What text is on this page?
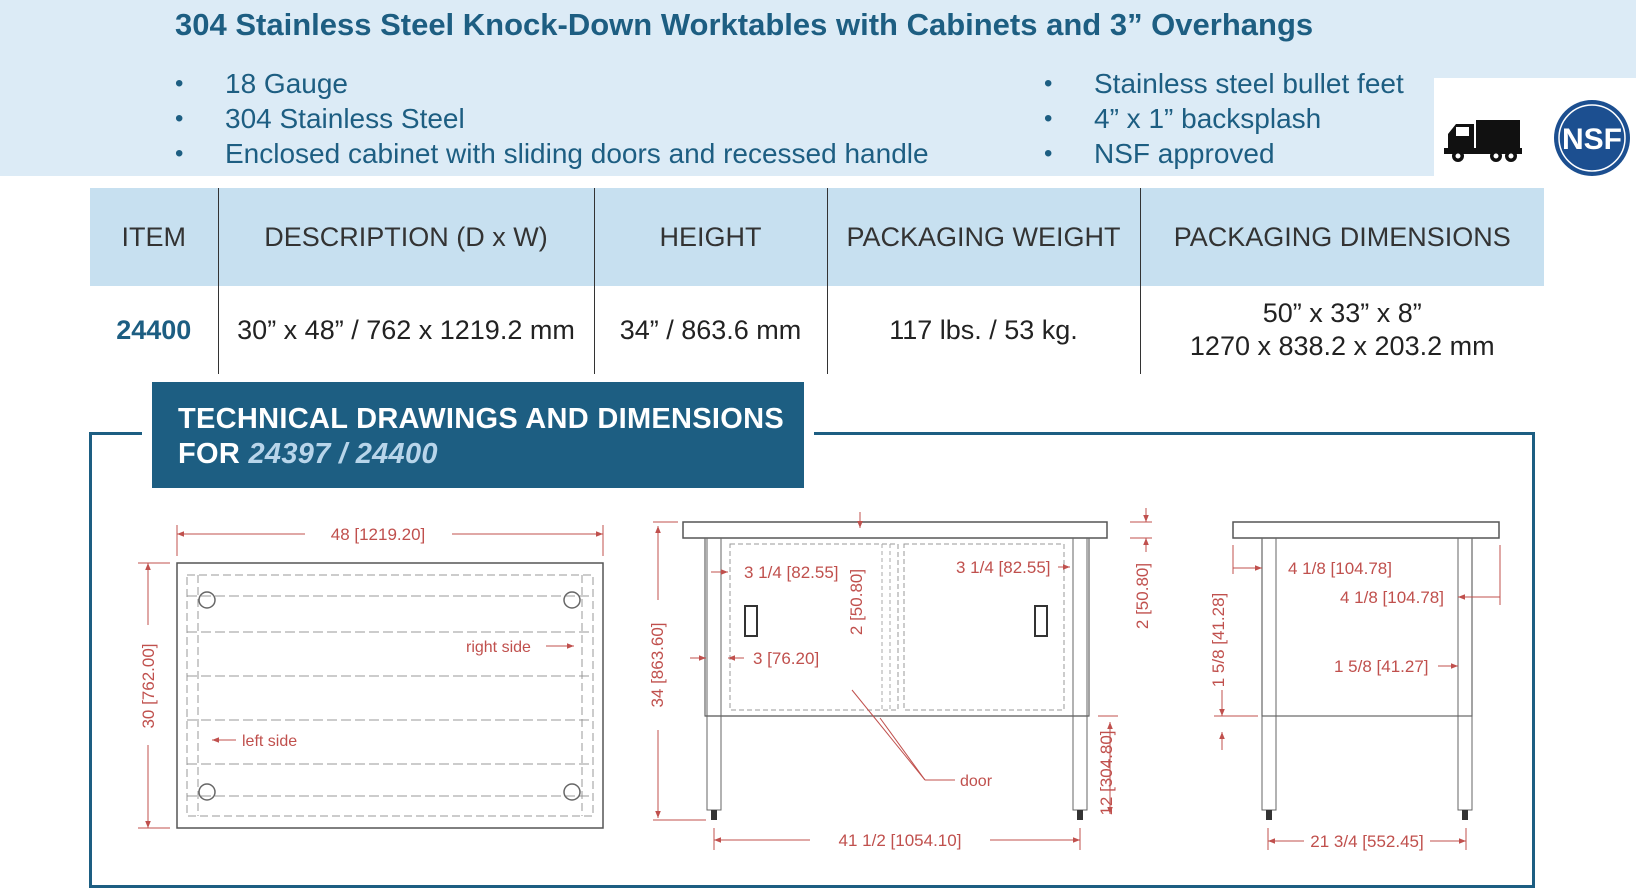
304 Stainless Steel Knock-Down Worktables with Cabinets and 3” Overhangs
• 18 Gauge
• 304 Stainless Steel
• Enclosed cabinet with sliding doors and recessed handle
• Stainless steel bullet feet
• 4” x 1” backsplash
• NSF approved	NSF
ITEM	DESCRIPTION (D x W)	HEIGHT	PACKAGING WEIGHT	PACKAGING DIMENSIONS
24400	30” x 48” / 762 x 1219.2 mm	34” / 863.6 mm	117 lbs. / 53 kg.	50” x 33” x 8”
1270 x 838.2 x 203.2 mm
TECHNICAL DRAWINGS AND DIMENSIONS
FOR 24397 / 24400
48 [1219.20]
30 [762.00]	right side
left side
34 [863.60]
3 1/4 [82.55]	3 1/4 [82.55]
2 [50.80]	2 [50.80]
3 [76.20]
12 [304.80]
41 1/2 [1054.10]
door
4 1/8 [104.78]
4 1/8 [104.78]
1 5/8 [41.28]	1 5/8 [41.27]
21 3/4 [552.45]
